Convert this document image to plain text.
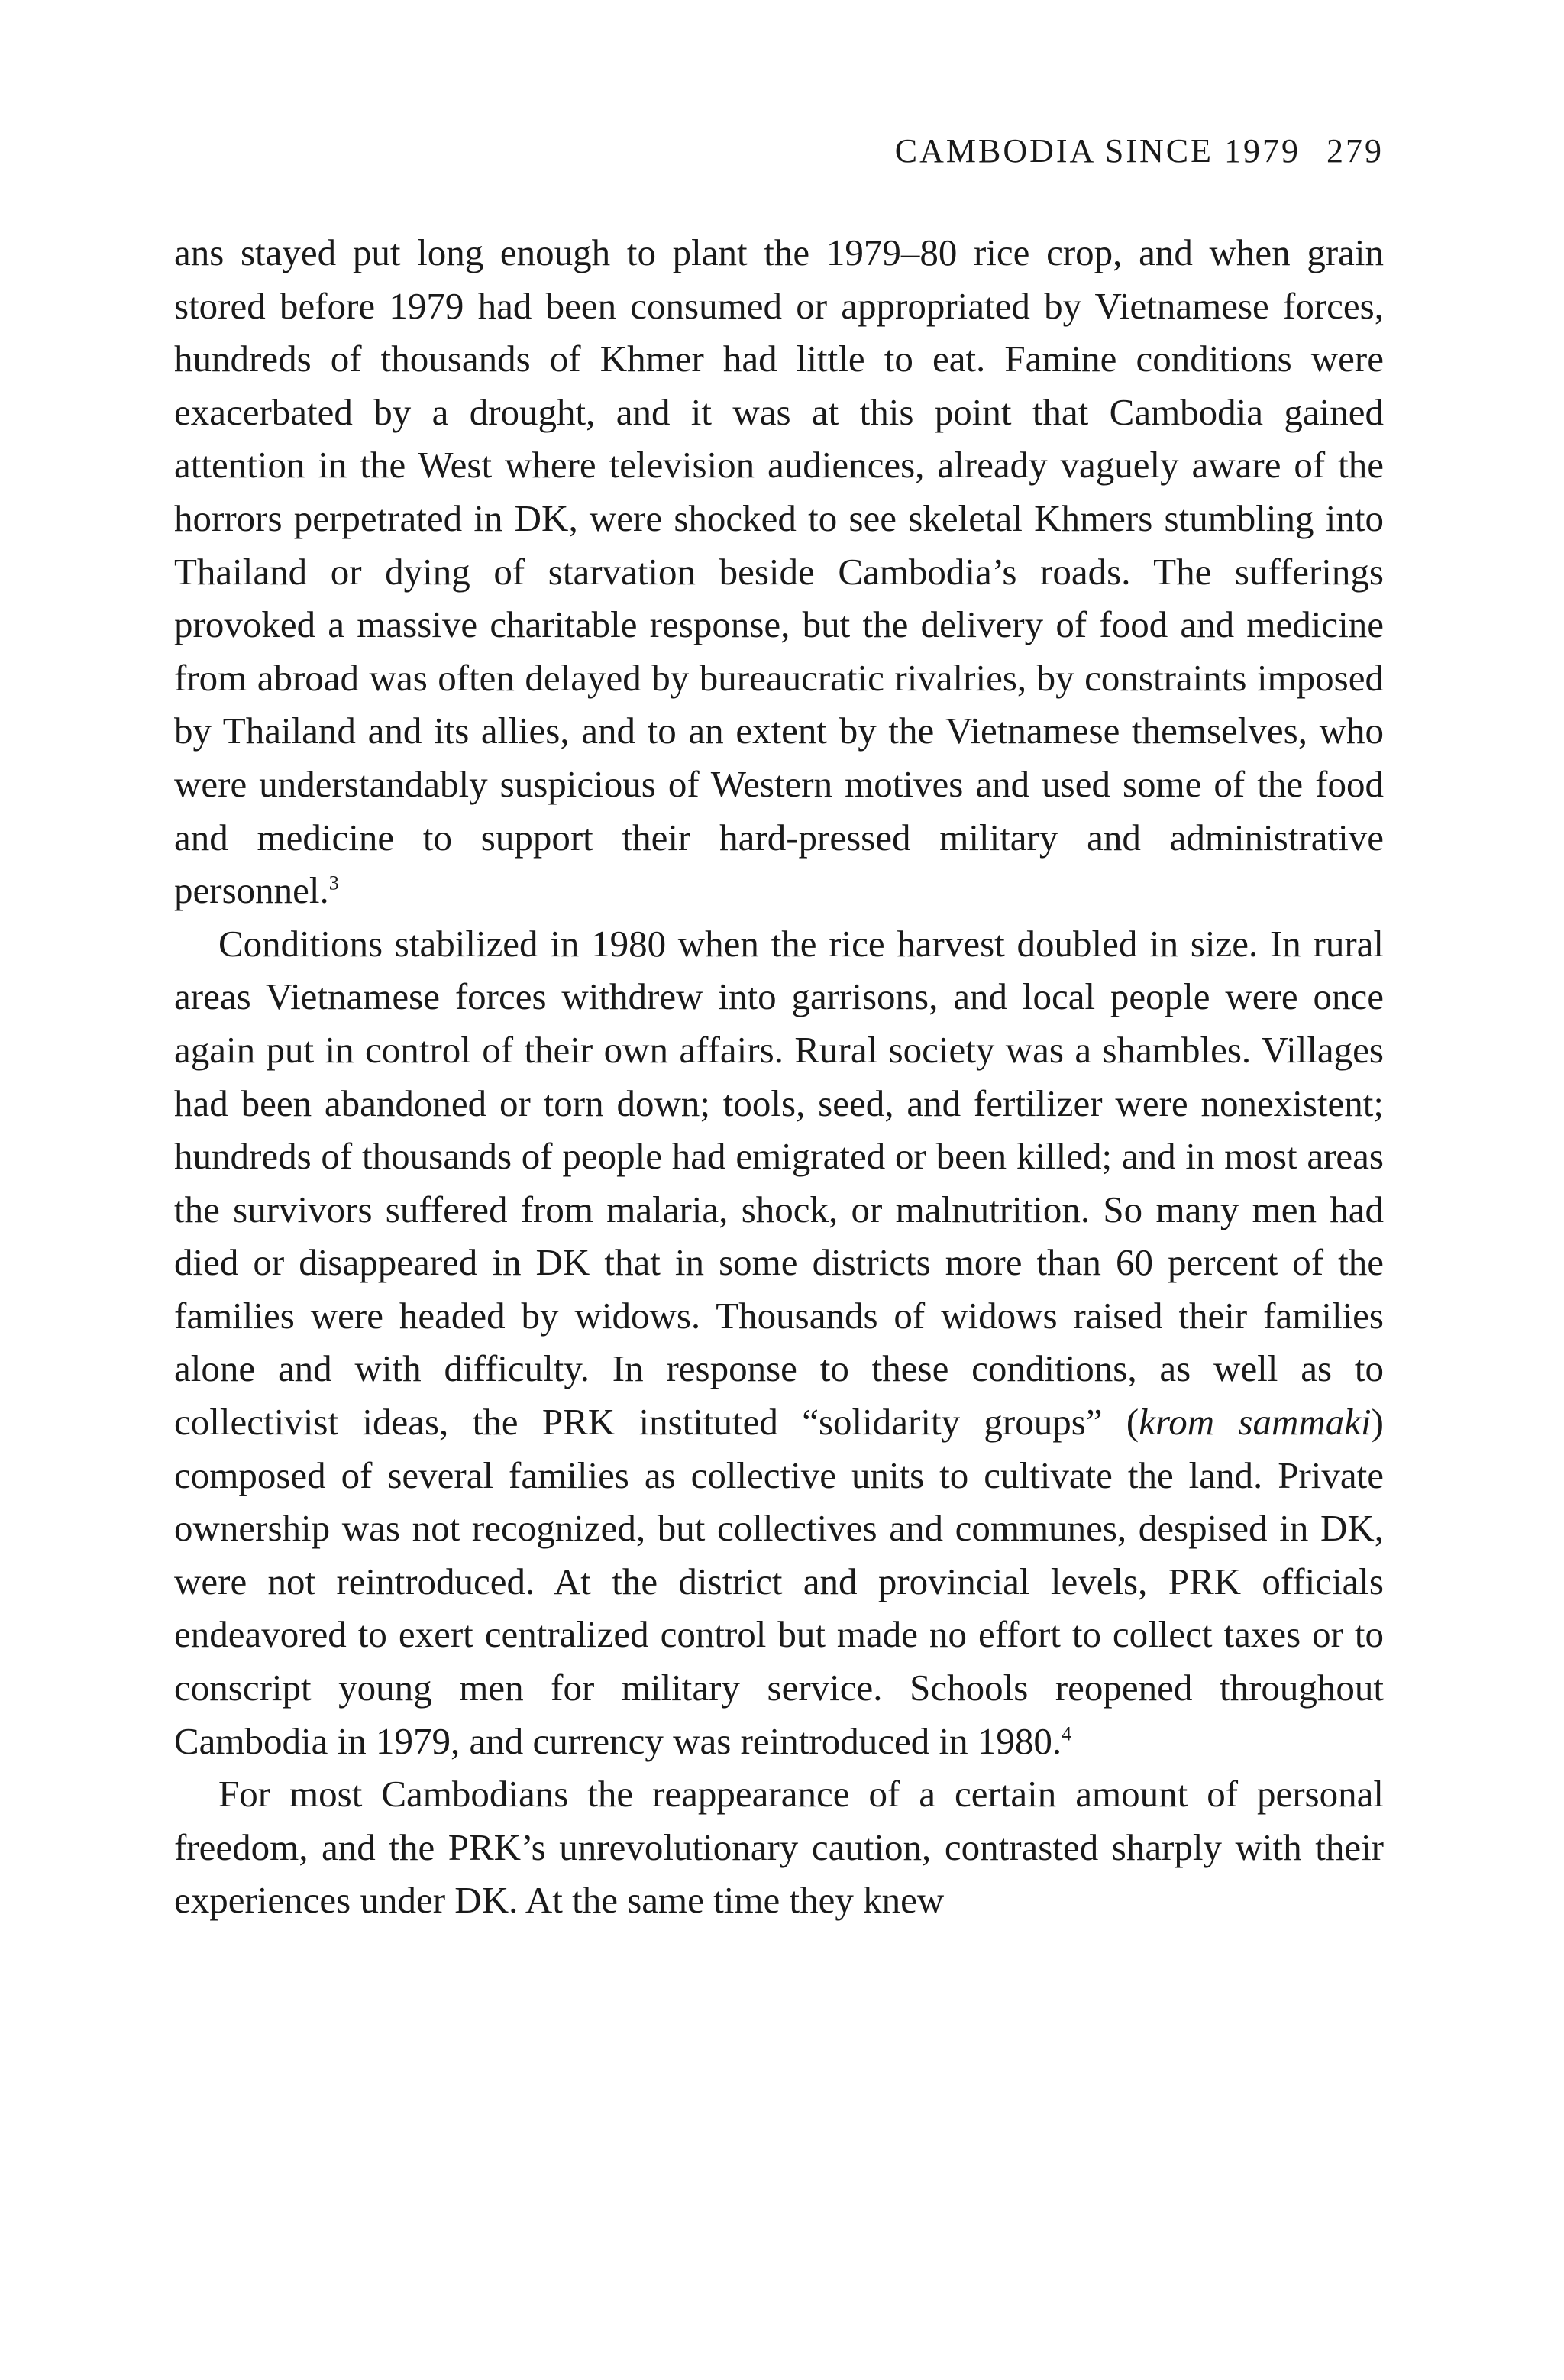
CAMBODIA SINCE 1979 279

ans stayed put long enough to plant the 1979–80 rice crop, and when grain stored before 1979 had been consumed or appropriated by Vietnamese forces, hundreds of thousands of Khmer had little to eat. Famine conditions were exacerbated by a drought, and it was at this point that Cambodia gained attention in the West where television audiences, already vaguely aware of the horrors perpetrated in DK, were shocked to see skeletal Khmers stumbling into Thailand or dying of starvation beside Cambodia’s roads. The sufferings provoked a massive charitable response, but the delivery of food and medicine from abroad was often delayed by bureaucratic rivalries, by constraints imposed by Thailand and its allies, and to an extent by the Vietnamese themselves, who were understandably suspicious of Western motives and used some of the food and medicine to support their hard-pressed military and administrative personnel.$^3$

Conditions stabilized in 1980 when the rice harvest doubled in size. In rural areas Vietnamese forces withdrew into garrisons, and local people were once again put in control of their own affairs. Rural society was a shambles. Villages had been abandoned or torn down; tools, seed, and fertilizer were nonexistent; hundreds of thousands of people had emigrated or been killed; and in most areas the survivors suffered from malaria, shock, or malnutrition. So many men had died or disappeared in DK that in some districts more than 60 percent of the families were headed by widows. Thousands of widows raised their families alone and with difficulty. In response to these conditions, as well as to collectivist ideas, the PRK instituted “solidarity groups” (krom sammaki) composed of several families as collective units to cultivate the land. Private ownership was not recognized, but collectives and communes, despised in DK, were not reintroduced. At the district and provincial levels, PRK officials endeavored to exert centralized control but made no effort to collect taxes or to conscript young men for military service. Schools reopened throughout Cambodia in 1979, and currency was reintroduced in 1980.$^4$

For most Cambodians the reappearance of a certain amount of personal freedom, and the PRK’s unrevolutionary caution, contrasted sharply with their experiences under DK. At the same time they knew
